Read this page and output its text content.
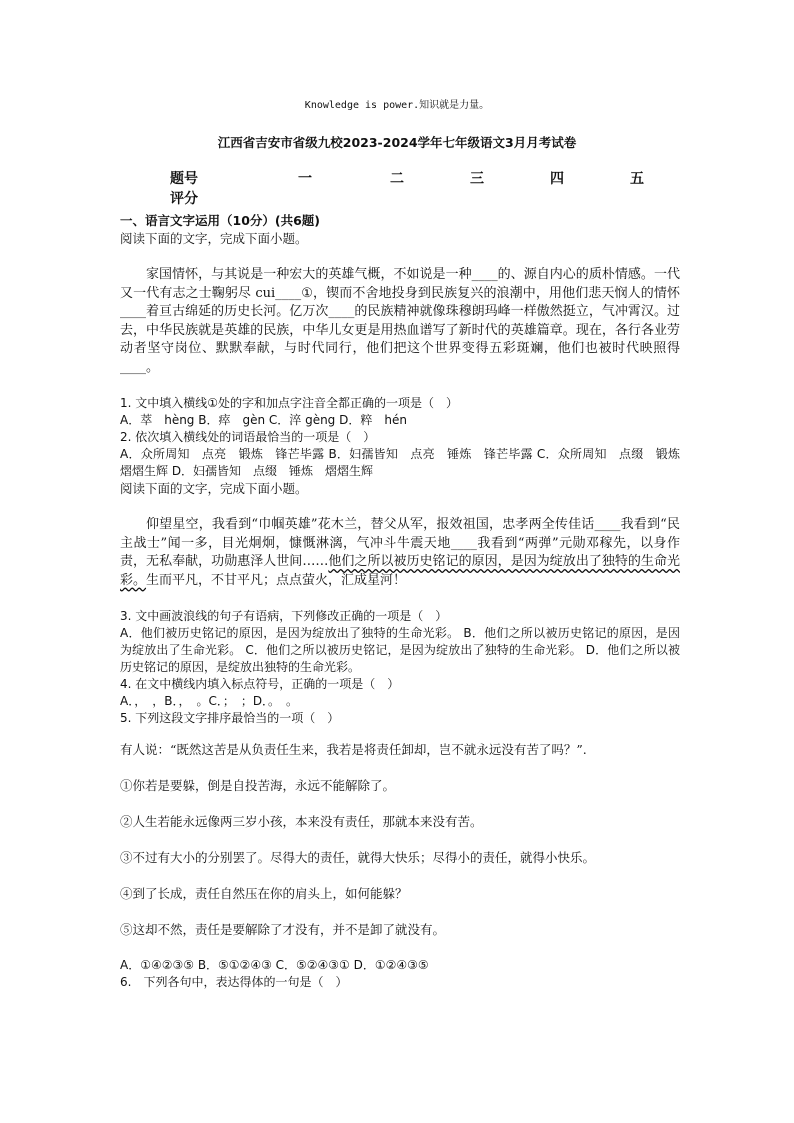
Knowledge is power.知识就是力量。
江西省吉安市省级九校2023-2024学年七年级语文3月月考试卷
题号	一	二	三	四	五
评分

一、语言文字运用（10分）(共6题)

阅读下面的文字，完成下面小题。

家国情怀，与其说是一种宏大的英雄气概，不如说是一种____的、源自内心的质朴情感。一代又一代有志之士鞠躬尽 cui____①，锲而不舍地投身到民族复兴的浪潮中，用他们悲天悯人的情怀____着亘古绵延的历史长河。亿万次____的民族精神就像珠穆朗玛峰一样傲然挺立，气冲霄汉。过去，中华民族就是英雄的民族，中华儿女更是用热血谱写了新时代的英雄篇章。现在，各行各业劳动者坚守岗位、默默奉献，与时代同行，他们把这个世界变得五彩斑斓，他们也被时代映照得____。

1. 文中填入横线①处的字和加点字注音全都正确的一项是（　）

A．萃　hèng B．瘁　gèn C．淬 gèng D．粹　hén

2. 依次填入横线处的词语最恰当的一项是（　）

A．众所周知　点亮　锻炼　锋芒毕露 B．妇孺皆知　点亮　锤炼　锋芒毕露 C．众所周知　点缀　锻炼　熠熠生辉 D．妇孺皆知　点缀　锤炼　熠熠生辉

阅读下面的文字，完成下面小题。

仰望星空，我看到“巾帼英雄”花木兰，替父从军，报效祖国，忠孝两全传佳话____我看到“民主战士”闻一多，目光炯炯，慷慨淋漓，气冲斗牛震天地____我看到“两弹”元勋邓稼先，以身作责，无私奉献，功勋惠泽人世间……他们之所以被历史铭记的原因，是因为绽放出了独特的生命光彩。生而平凡，不甘平凡；点点萤火，汇成星河！

3. 文中画波浪线的句子有语病，下列修改正确的一项是（　）

A．他们被历史铭记的原因，是因为绽放出了独特的生命光彩。 B．他们之所以被历史铭记的原因，是因为绽放出了生命光彩。 C．他们之所以被历史铭记，是因为绽放出了独特的生命光彩。 D．他们之所以被历史铭记的原因，是绽放出独特的生命光彩。

4. 在文中横线内填入标点符号，正确的一项是（　）

A．，　，B．，　。C．；　；D．。　。

5. 下列这段文字排序最恰当的一项（　）

有人说：“既然这苦是从负责任生来，我若是将责任卸却，岂不就永远没有苦了吗？”.

①你若是要躲，倒是自投苦海，永远不能解除了。

②人生若能永远像两三岁小孩，本来没有责任，那就本来没有苦。

③不过有大小的分别罢了。尽得大的责任，就得大快乐；尽得小的责任，就得小快乐。

④到了长成，责任自然压在你的肩头上，如何能躲？

⑤这却不然，责任是要解除了才没有，并不是卸了就没有。

A．①④②③⑤ B．⑤①②④③ C．⑤②④③① D．①②④③⑤

6.　下列各句中，表达得体的一句是（　）
